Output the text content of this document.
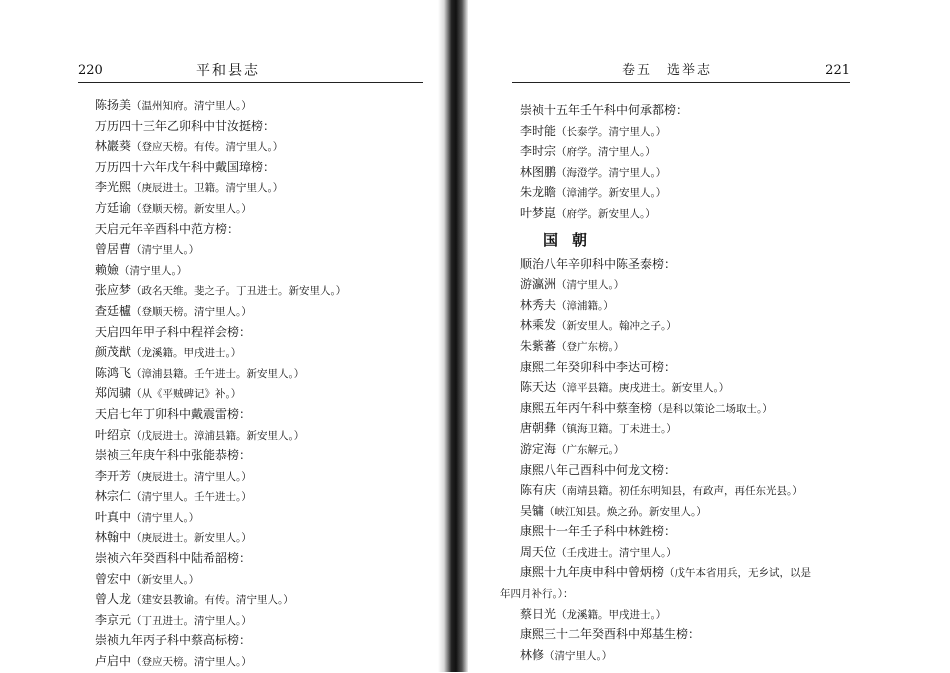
220	平和县志	卷五　选举志	221
陈扬美（温州知府。清宁里人。）
万历四十三年乙卯科中甘汝挺榜：
林巖葵（登应天榜。有传。清宁里人。）
万历四十六年戊午科中戴国璋榜：
李光熙（庚辰进士。卫籍。清宁里人。）
方廷谕（登顺天榜。新安里人。）
天启元年辛酉科中范方榜：
曾居曹（清宁里人。）
赖嬐（清宁里人。）
张应梦（政名天维。斐之子。丁丑进士。新安里人。）
查廷櫨（登顺天榜。清宁里人。）
天启四年甲子科中程祥会榜：
颜茂猷（龙溪籍。甲戌进士。）
陈鸿飞（漳浦县籍。壬午进士。新安里人。）
郑闶骕（从《平贼碑记》补。）
天启七年丁卯科中戴震雷榜：
叶绍京（戊辰进士。漳浦县籍。新安里人。）
崇祯三年庚午科中张能恭榜：
李开芳（庚辰进士。清宁里人。）
林宗仁（清宁里人。壬午进士。）
叶真中（清宁里人。）
林翰中（庚辰进士。新安里人。）
崇祯六年癸酉科中陆希韶榜：
曾宏中（新安里人。）
曾人龙（建安县教谕。有传。清宁里人。）
李京元（丁丑进士。清宁里人。）
崇祯九年丙子科中蔡高标榜：
卢启中（登应天榜。清宁里人。）
崇祯十五年壬午科中何承都榜：
李时能（长泰学。清宁里人。）
李时宗（府学。清宁里人。）
林图鹏（海澄学。清宁里人。）
朱龙瞻（漳浦学。新安里人。）
叶梦崑（府学。新安里人。）
国朝
顺治八年辛卯科中陈圣泰榜：
游瀛洲（清宁里人。）
林秀夫（漳浦籍。）
林乘发（新安里人。翰冲之子。）
朱紫蕃（登广东榜。）
康熙二年癸卯科中李达可榜：
陈天达（漳平县籍。庚戌进士。新安里人。）
康熙五年丙午科中蔡奎榜（是科以策论二场取士。）
唐朝彝（镇海卫籍。丁未进士。）
游定海（广东解元。）
康熙八年己酉科中何龙文榜：
陈有庆（南靖县籍。初任东明知县，有政声，再任东光县。）
吴镛（峡江知县。焕之孙。新安里人。）
康熙十一年壬子科中林鉎榜：
周天位（壬戌进士。清宁里人。）
康熙十九年庚申科中曾炳榜（戊午本省用兵，无乡试，以是
年四月补行。）：
蔡日光（龙溪籍。甲戌进士。）
康熙三十二年癸酉科中郑基生榜：
林修（清宁里人。）
